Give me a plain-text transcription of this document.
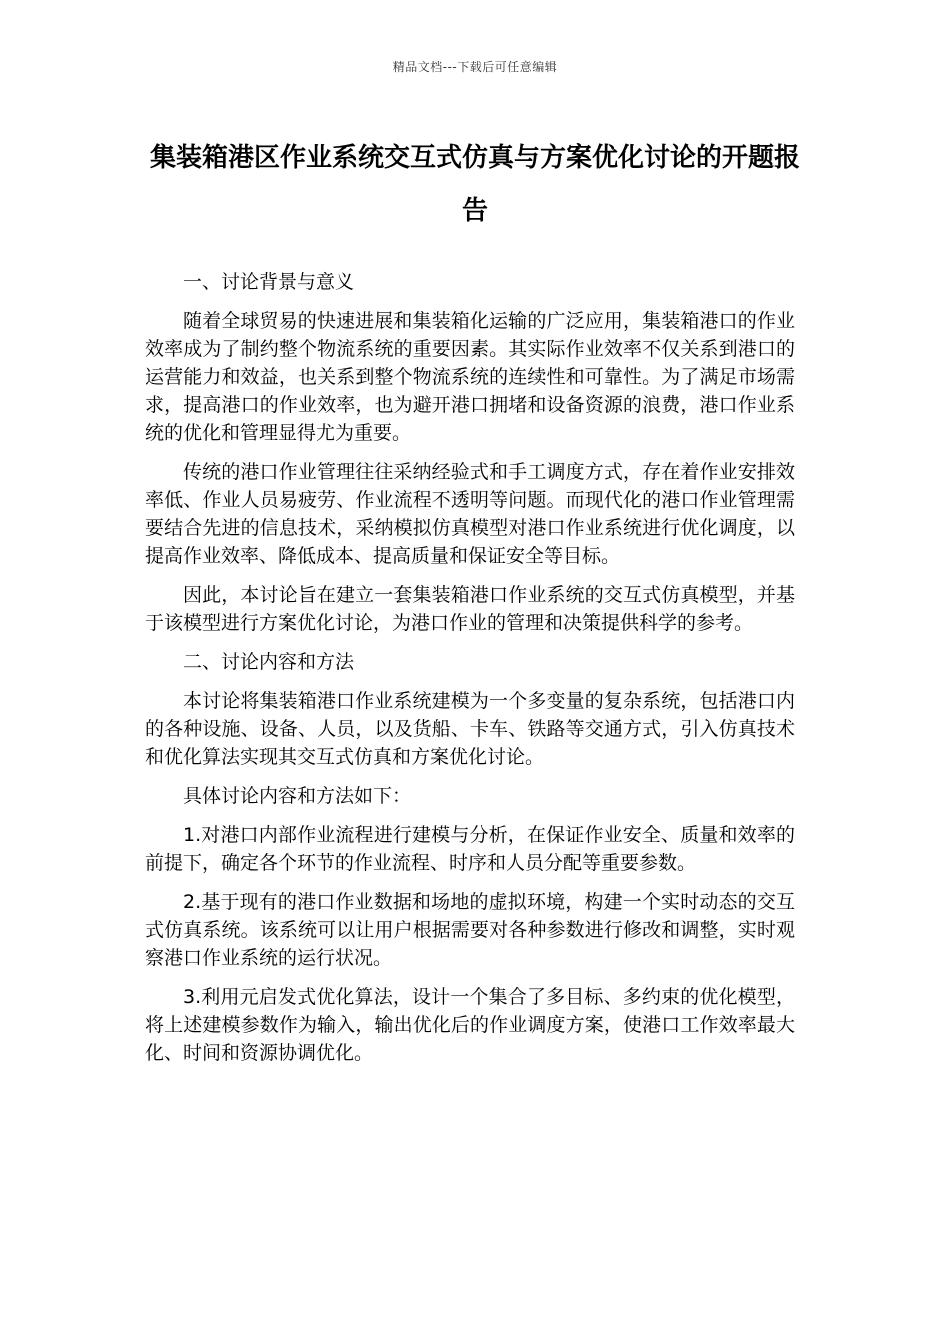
精品文档---下载后可任意编辑
集装箱港区作业系统交互式仿真与方案优化讨论的开题报告
一、讨论背景与意义

随着全球贸易的快速进展和集装箱化运输的广泛应用，集装箱港口的作业效率成为了制约整个物流系统的重要因素。其实际作业效率不仅关系到港口的运营能力和效益，也关系到整个物流系统的连续性和可靠性。为了满足市场需求，提高港口的作业效率，也为避开港口拥堵和设备资源的浪费，港口作业系统的优化和管理显得尤为重要。

传统的港口作业管理往往采纳经验式和手工调度方式，存在着作业安排效率低、作业人员易疲劳、作业流程不透明等问题。而现代化的港口作业管理需要结合先进的信息技术，采纳模拟仿真模型对港口作业系统进行优化调度，以提高作业效率、降低成本、提高质量和保证安全等目标。

因此，本讨论旨在建立一套集装箱港口作业系统的交互式仿真模型，并基于该模型进行方案优化讨论，为港口作业的管理和决策提供科学的参考。

二、讨论内容和方法

本讨论将集装箱港口作业系统建模为一个多变量的复杂系统，包括港口内的各种设施、设备、人员，以及货船、卡车、铁路等交通方式，引入仿真技术和优化算法实现其交互式仿真和方案优化讨论。

具体讨论内容和方法如下：

1.对港口内部作业流程进行建模与分析，在保证作业安全、质量和效率的前提下，确定各个环节的作业流程、时序和人员分配等重要参数。

2.基于现有的港口作业数据和场地的虚拟环境，构建一个实时动态的交互式仿真系统。该系统可以让用户根据需要对各种参数进行修改和调整，实时观察港口作业系统的运行状况。

3.利用元启发式优化算法，设计一个集合了多目标、多约束的优化模型，将上述建模参数作为输入，输出优化后的作业调度方案，使港口工作效率最大化、时间和资源协调优化。
